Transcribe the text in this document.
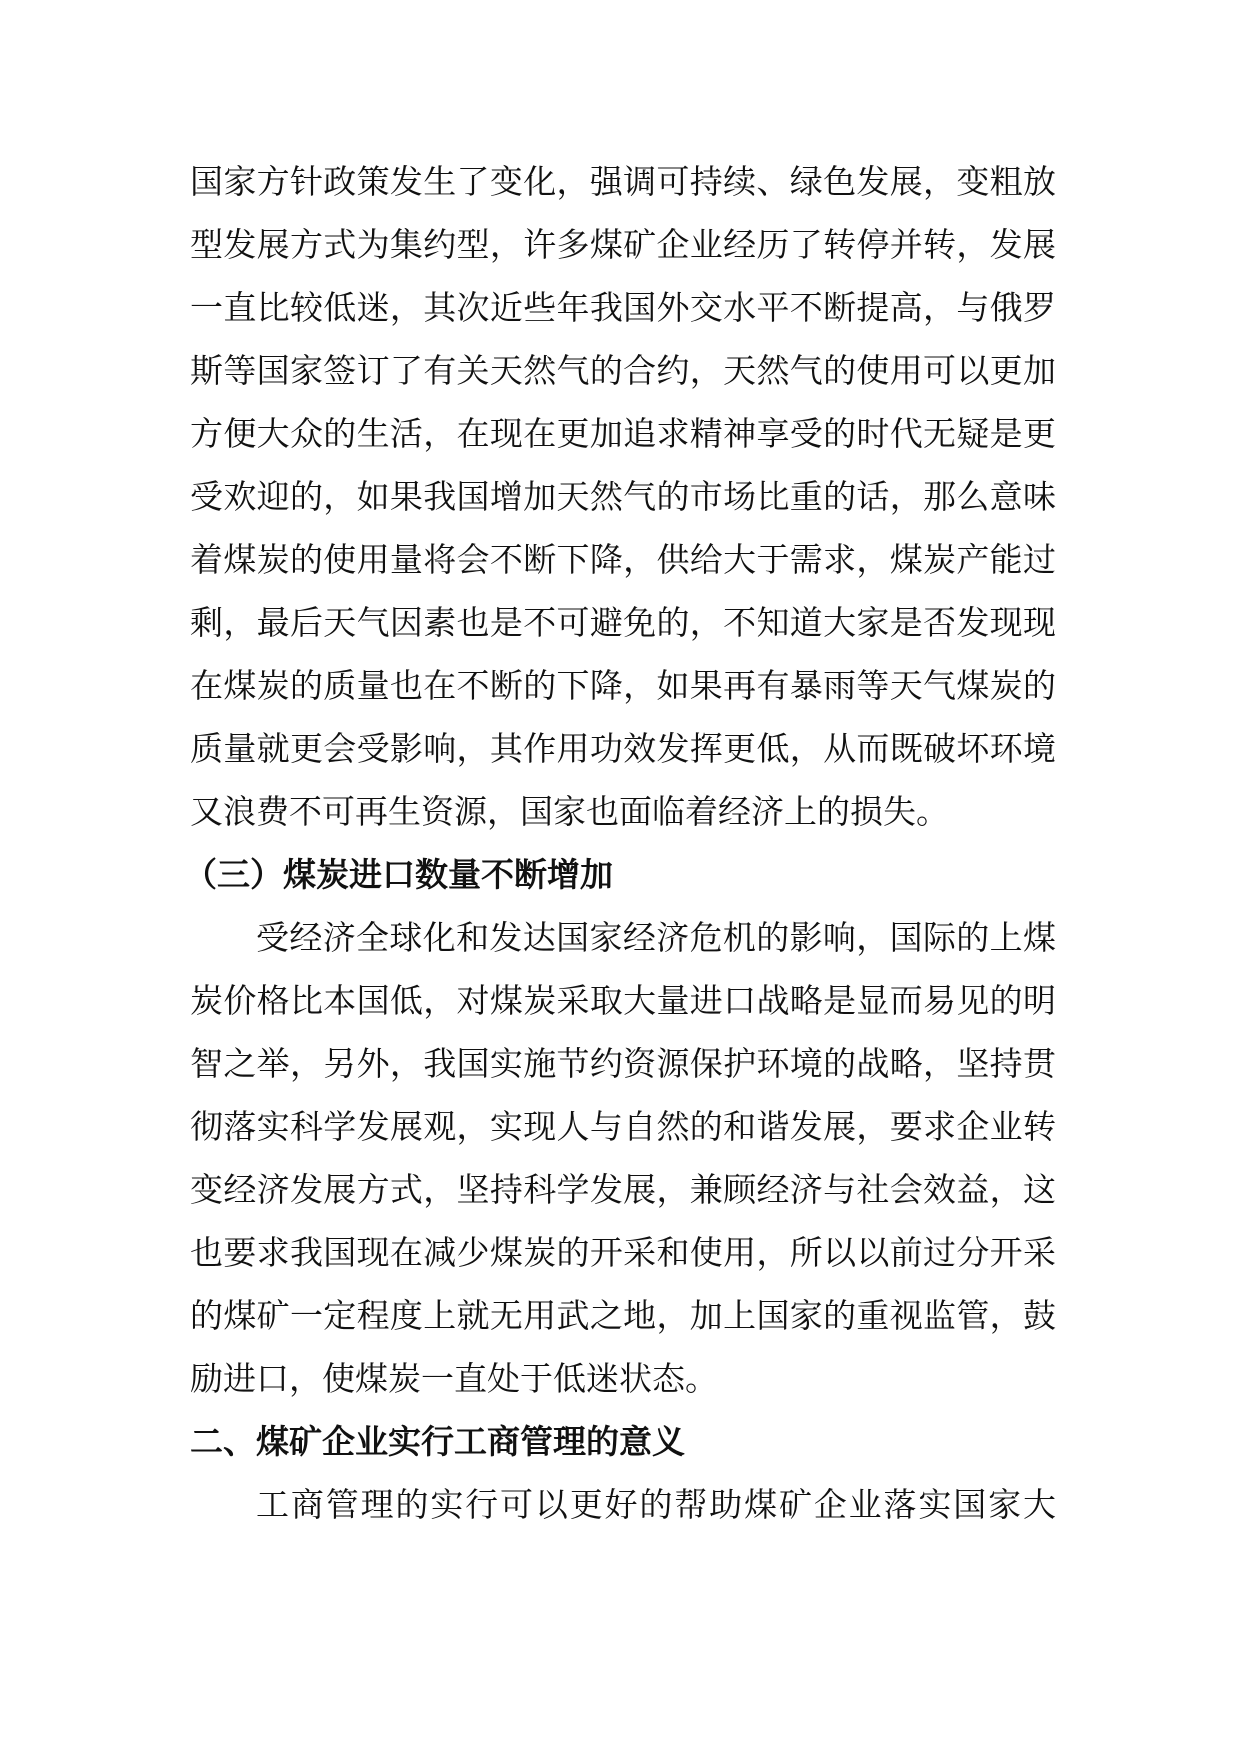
国家方针政策发生了变化，强调可持续、绿色发展，变粗放
型发展方式为集约型，许多煤矿企业经历了转停并转，发展
一直比较低迷，其次近些年我国外交水平不断提高，与俄罗
斯等国家签订了有关天然气的合约，天然气的使用可以更加
方便大众的生活，在现在更加追求精神享受的时代无疑是更
受欢迎的，如果我国增加天然气的市场比重的话，那么意味
着煤炭的使用量将会不断下降，供给大于需求，煤炭产能过
剩，最后天气因素也是不可避免的，不知道大家是否发现现
在煤炭的质量也在不断的下降，如果再有暴雨等天气煤炭的
质量就更会受影响，其作用功效发挥更低，从而既破坏环境
又浪费不可再生资源，国家也面临着经济上的损失。
（三）煤炭进口数量不断增加
受经济全球化和发达国家经济危机的影响，国际的上煤
炭价格比本国低，对煤炭采取大量进口战略是显而易见的明
智之举，另外，我国实施节约资源保护环境的战略，坚持贯
彻落实科学发展观，实现人与自然的和谐发展，要求企业转
变经济发展方式，坚持科学发展，兼顾经济与社会效益，这
也要求我国现在减少煤炭的开采和使用，所以以前过分开采
的煤矿一定程度上就无用武之地，加上国家的重视监管，鼓
励进口，使煤炭一直处于低迷状态。
二、煤矿企业实行工商管理的意义
工商管理的实行可以更好的帮助煤矿企业落实国家大
